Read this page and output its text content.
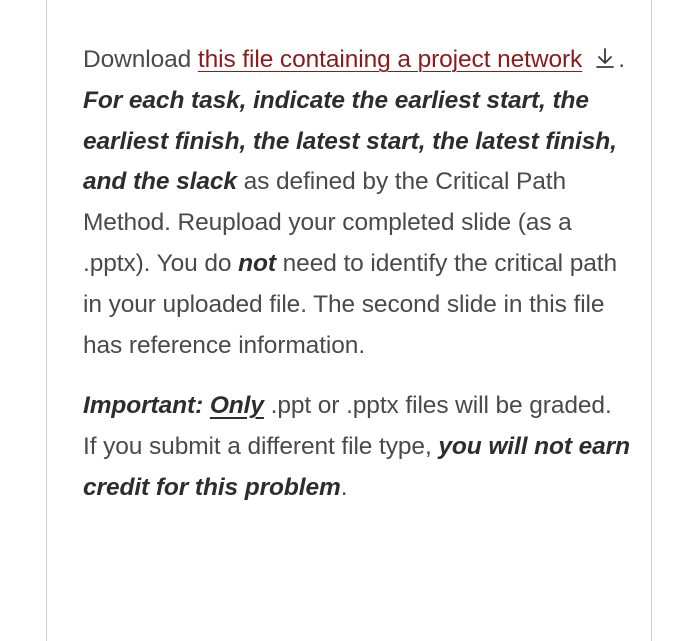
Download this file containing a project network . For each task, indicate the earliest start, the earliest finish, the latest start, the latest finish, and the slack as defined by the Critical Path Method. Reupload your completed slide (as a .pptx). You do not need to identify the critical path in your uploaded file. The second slide in this file has reference information.

Important: Only .ppt or .pptx files will be graded. If you submit a different file type, you will not earn credit for this problem.
